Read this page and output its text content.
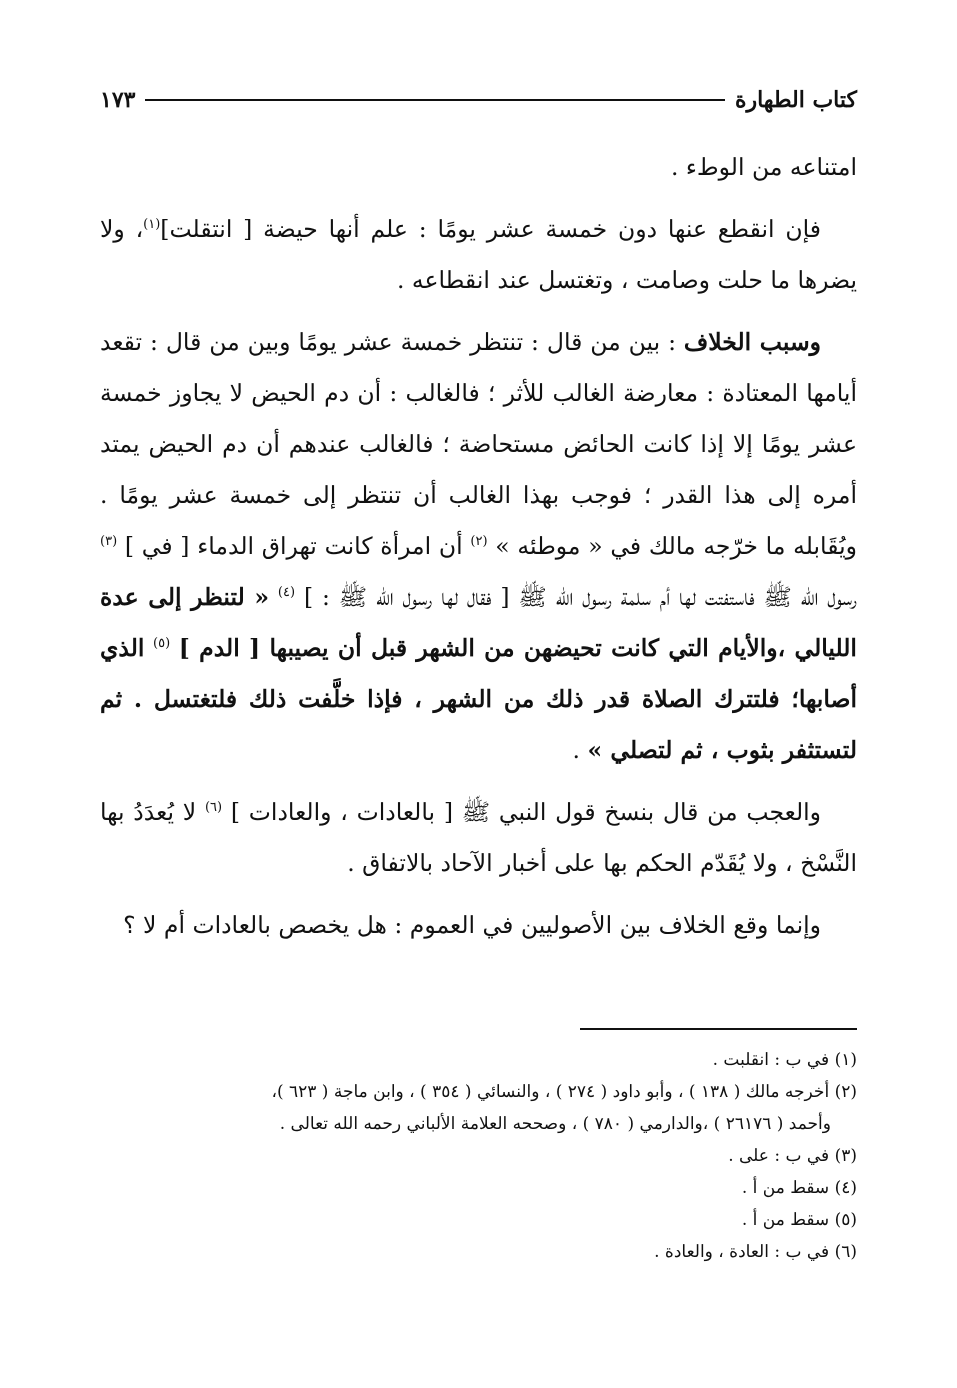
كتاب الطهارة
١٧٣

امتناعه من الوطء .

فإن انقطع عنها دون خمسة عشر يومًا : علم أنها حيضة [ انتقلت]$^{(١)}$، ولا يضرها ما حلت وصامت ، وتغتسل عند انقطاعه .

وسبب الخلاف : بين من قال : تنتظر خمسة عشر يومًا وبين من قال : تقعد أيامها المعتادة : معارضة الغالب للأثر ؛ فالغالب : أن دم الحيض لا يجاوز خمسة عشر يومًا إلا إذا كانت الحائض مستحاضة ؛ فالغالب عندهم أن دم الحيض يمتد أمره إلى هذا القدر ؛ فوجب بهذا الغالب أن تنتظر إلى خمسة عشر يومًا . ويُقَابله ما خرّجه مالك في « موطئه » $^{(٢)}$ أن امرأة كانت تهراق الدماء [ في ] $^{(٣)}$ رسول الله ﷺ فاستفتت لها أم سلمة رسول الله ﷺ [ فقال لها رسول الله ﷺ : ] $^{(٤)}$ « لتنظر إلى عدة الليالي ،والأيام التي كانت تحيضهن من الشهر قبل أن يصيبها [ الدم ] $^{(٥)}$ الذي أصابها؛ فلتترك الصلاة قدر ذلك من الشهر ، فإذا خلَّفت ذلك فلتغتسل . ثم لتستثفر بثوب ، ثم لتصلي » .

والعجب من قال بنسخ قول النبي ﷺ [ بالعادات ، والعادات ] $^{(٦)}$ لا يُعدَدُ بها النَّسْخ ، ولا يُقَدّم الحكم بها على أخبار الآحاد بالاتفاق .

وإنما وقع الخلاف بين الأصوليين في العموم : هل يخصص بالعادات أم لا ؟

(١) في ب : انقلبت .

(٢) أخرجه مالك ( ١٣٨ ) ، وأبو داود ( ٢٧٤ ) ، والنسائي ( ٣٥٤ ) ، وابن ماجة ( ٦٢٣ )،

وأحمد ( ٢٦١٧٦ ) ،والدارمي ( ٧٨٠ ) ، وصححه العلامة الألباني رحمه الله تعالى .

(٣) في ب : على .

(٤) سقط من أ .

(٥) سقط من أ .

(٦) في ب : العادة ، والعادة .
